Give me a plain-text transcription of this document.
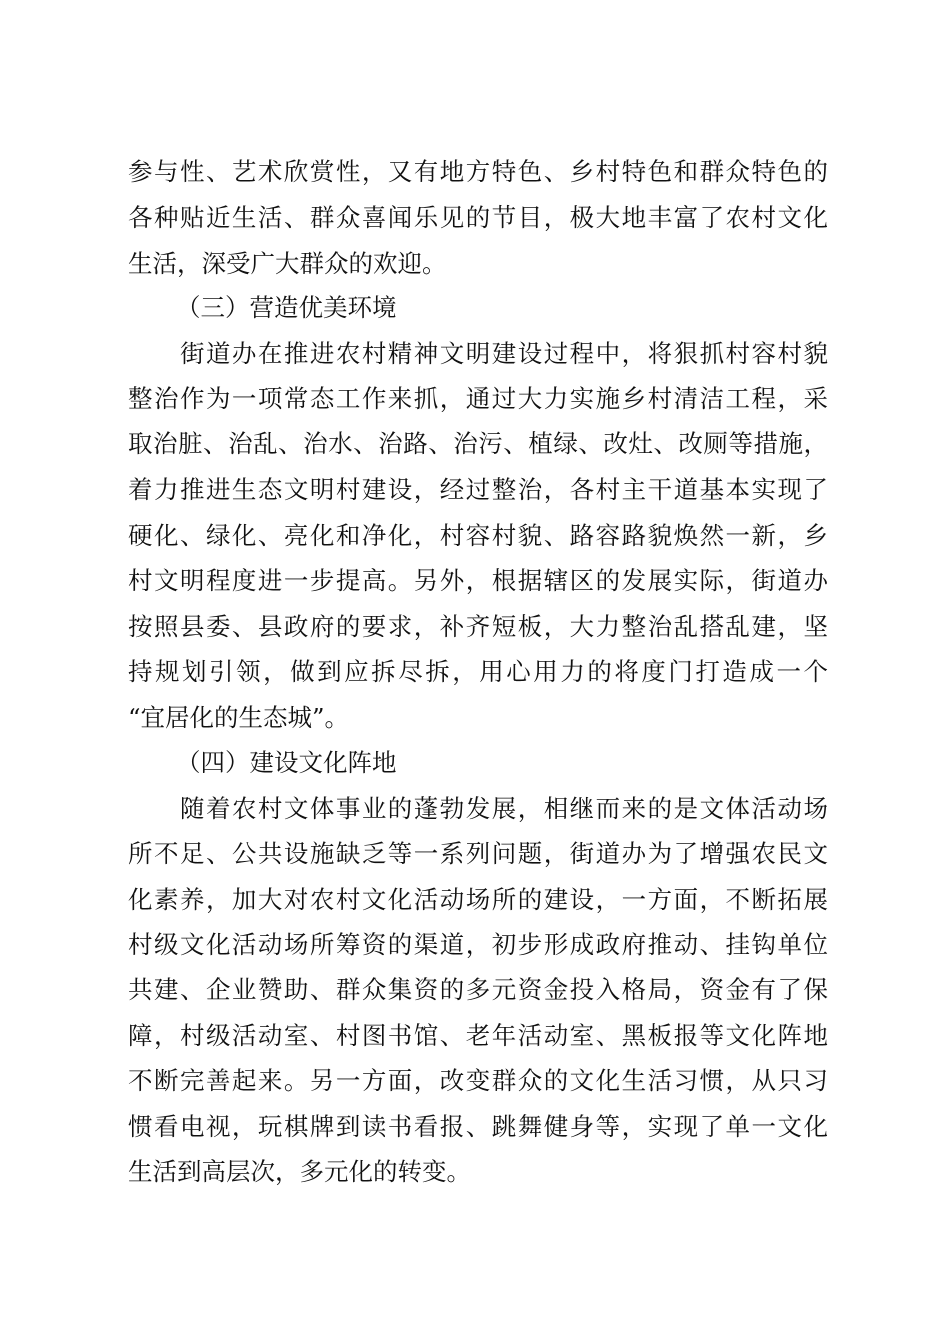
参与性、艺术欣赏性，又有地方特色、乡村特色和群众特色的
各种贴近生活、群众喜闻乐见的节目，极大地丰富了农村文化
生活，深受广大群众的欢迎。
（三）营造优美环境
　　街道办在推进农村精神文明建设过程中，将狠抓村容村貌
整治作为一项常态工作来抓，通过大力实施乡村清洁工程，采
取治脏、治乱、治水、治路、治污、植绿、改灶、改厕等措施，
着力推进生态文明村建设，经过整治，各村主干道基本实现了
硬化、绿化、亮化和净化，村容村貌、路容路貌焕然一新，乡
村文明程度进一步提高。另外，根据辖区的发展实际，街道办
按照县委、县政府的要求，补齐短板，大力整治乱搭乱建，坚
持规划引领，做到应拆尽拆，用心用力的将度门打造成一个
“宜居化的生态城”。
（四）建设文化阵地
　　随着农村文体事业的蓬勃发展，相继而来的是文体活动场
所不足、公共设施缺乏等一系列问题，街道办为了增强农民文
化素养，加大对农村文化活动场所的建设，一方面，不断拓展
村级文化活动场所筹资的渠道，初步形成政府推动、挂钩单位
共建、企业赞助、群众集资的多元资金投入格局，资金有了保
障，村级活动室、村图书馆、老年活动室、黑板报等文化阵地
不断完善起来。另一方面，改变群众的文化生活习惯，从只习
惯看电视，玩棋牌到读书看报、跳舞健身等，实现了单一文化
生活到高层次，多元化的转变。
